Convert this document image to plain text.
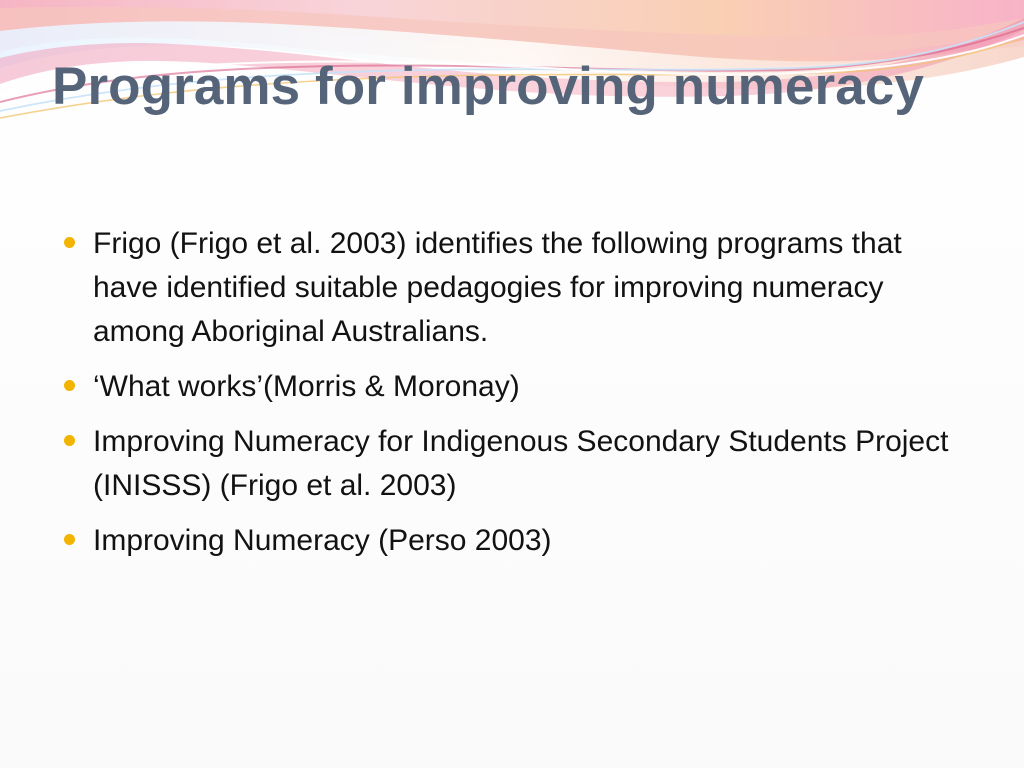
Programs for improving numeracy
Frigo (Frigo et al. 2003) identifies the following programs that have identified suitable pedagogies for improving numeracy among Aboriginal Australians.
‘What works’(Morris & Moronay)
Improving Numeracy for Indigenous Secondary Students Project (INISSS) (Frigo et al. 2003)
Improving Numeracy (Perso 2003)
